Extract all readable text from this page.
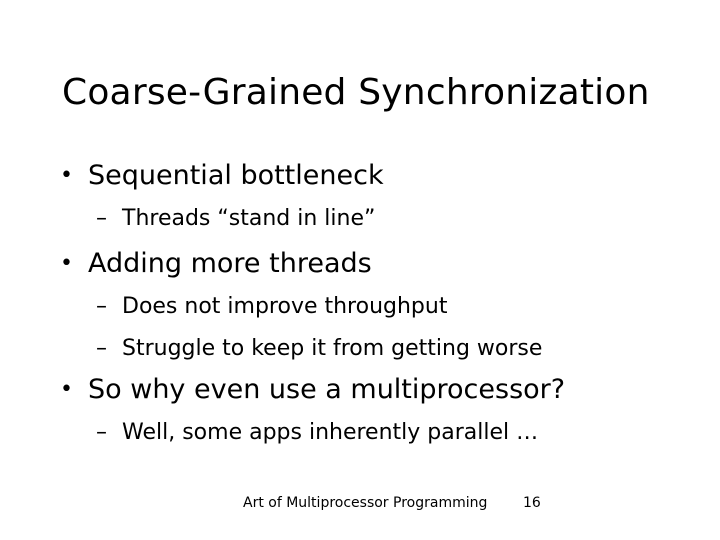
Coarse-Grained Synchronization
• Sequential bottleneck
– Threads “stand in line”
• Adding more threads
– Does not improve throughput
– Struggle to keep it from getting worse
• So why even use a multiprocessor?
– Well, some apps inherently parallel …
Art of Multiprocessor Programming	16
